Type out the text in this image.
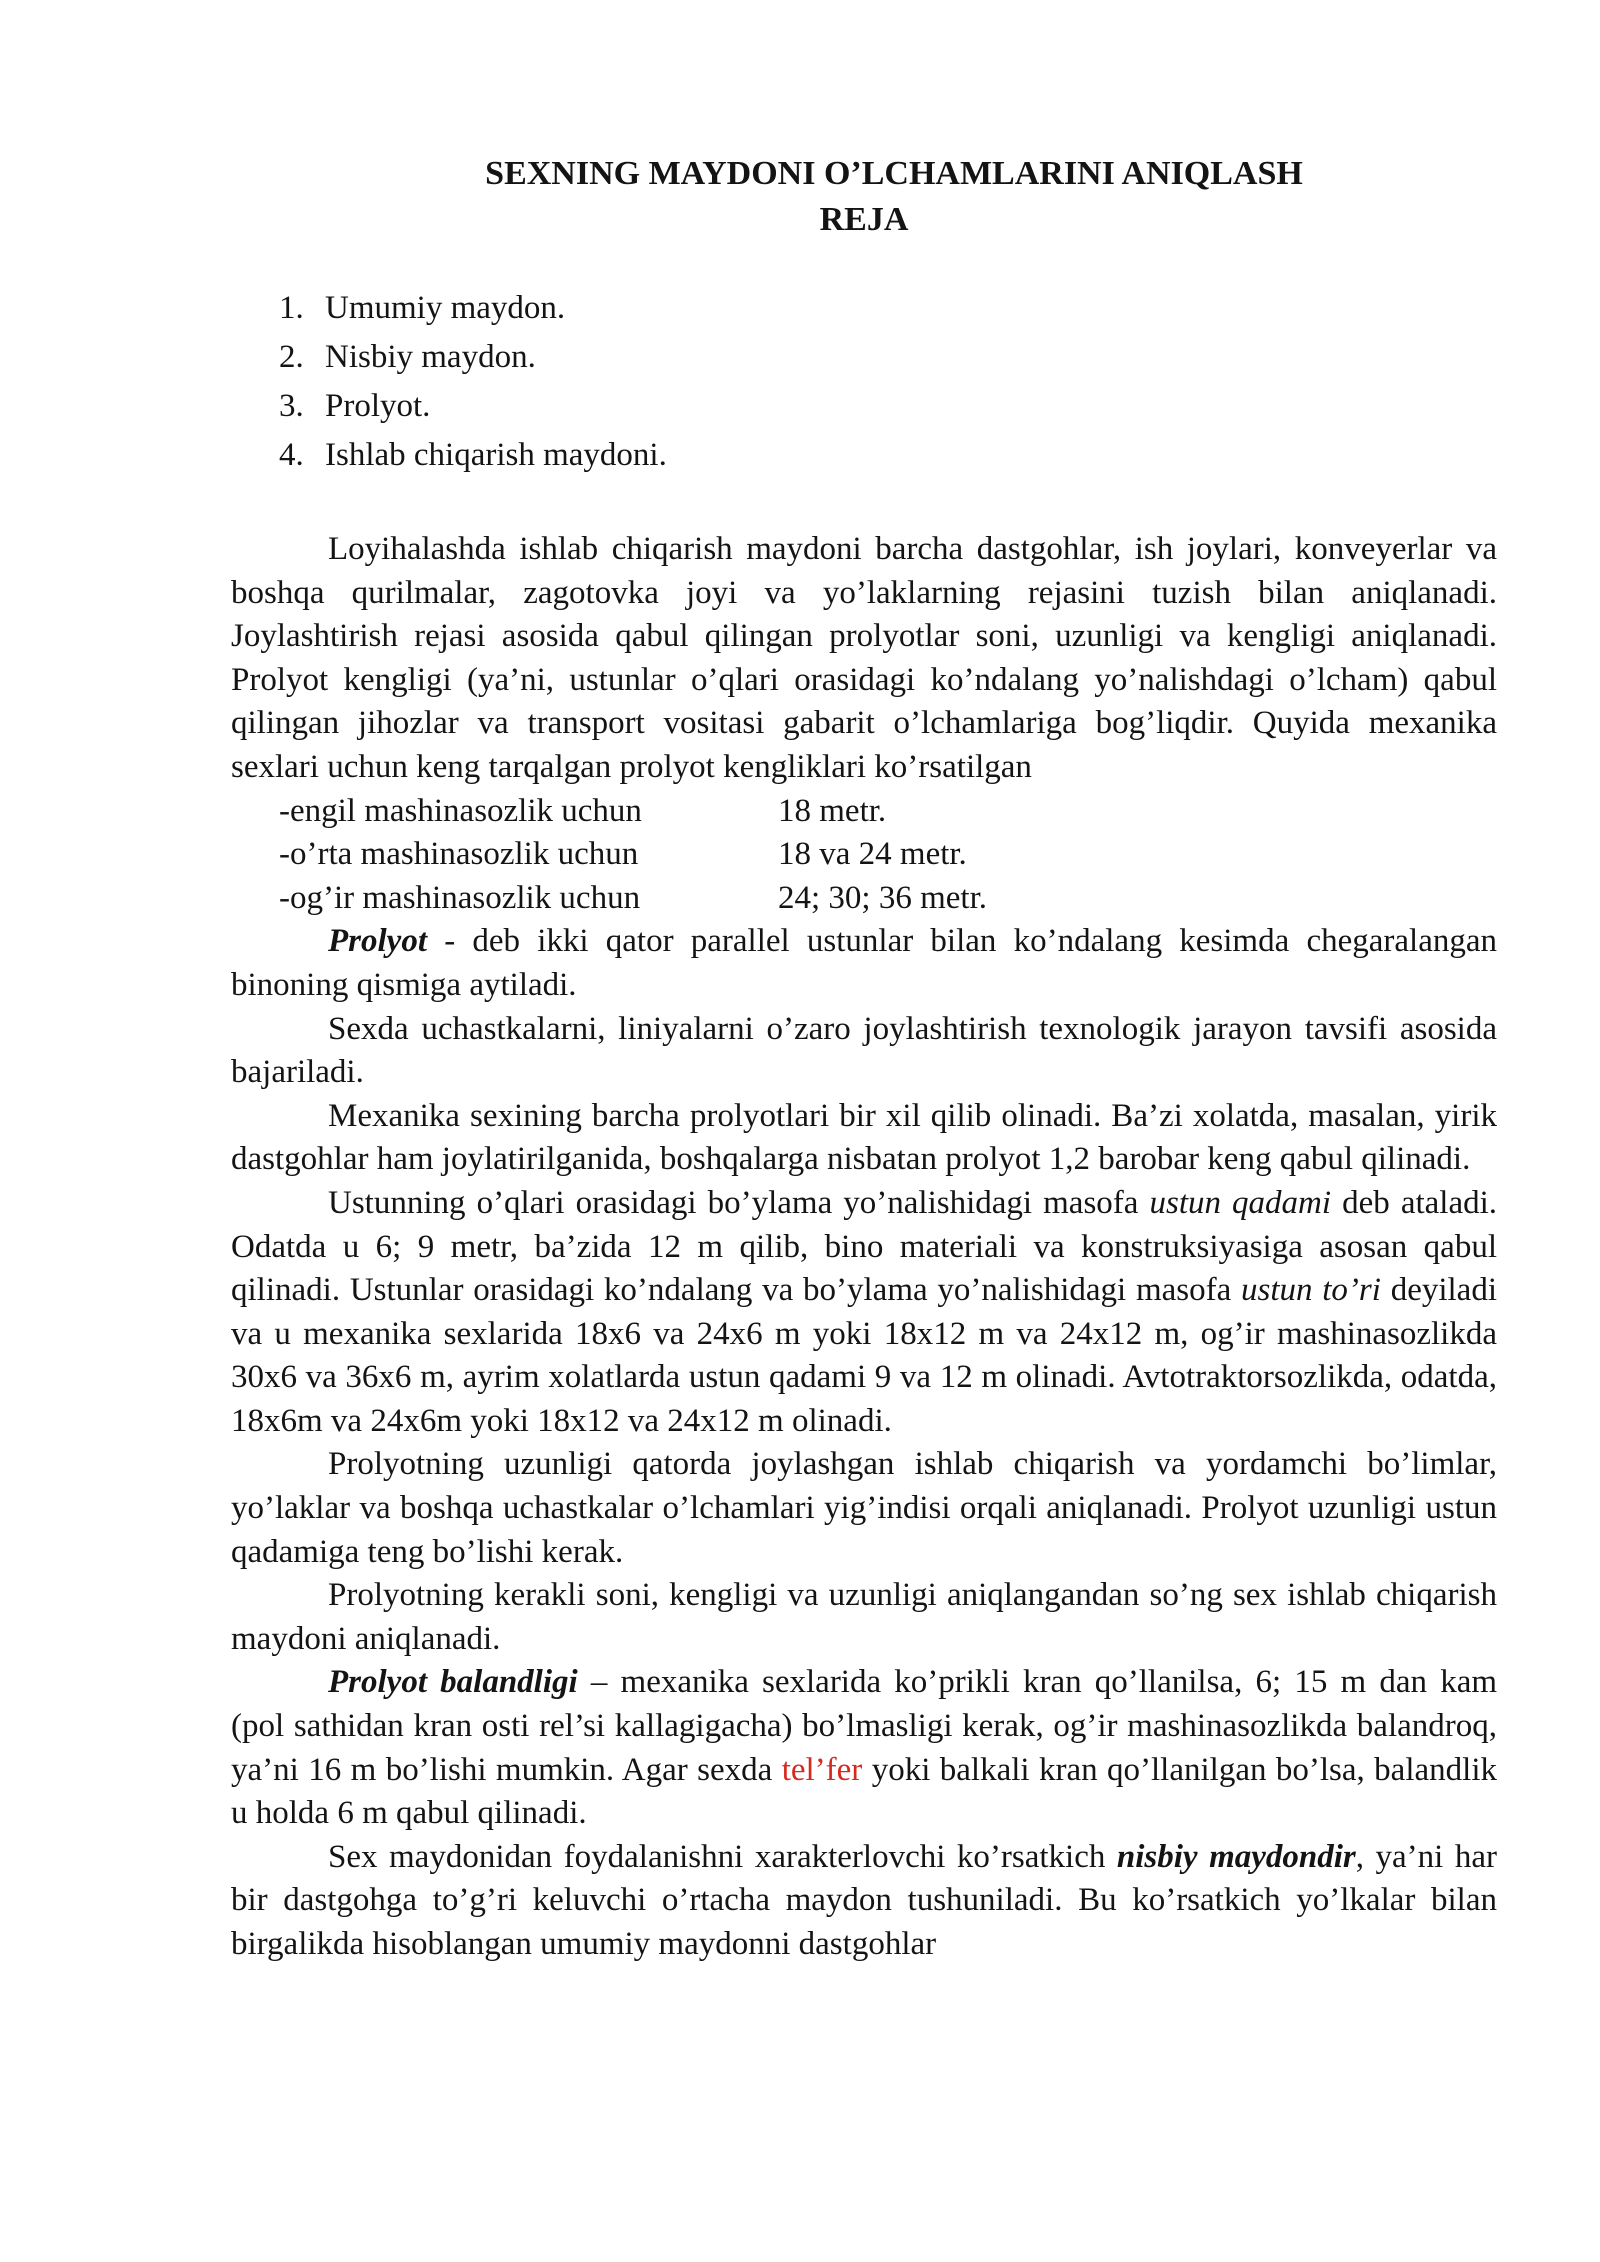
SEXNING MAYDONI O’LCHAMLARINI ANIQLASH
REJA
1. Umumiy maydon.
2. Nisbiy maydon.
3. Prolyot.
4. Ishlab chiqarish maydoni.

Loyihalashda ishlab chiqarish maydoni barcha dastgohlar, ish joylari, konveyerlar va boshqa qurilmalar, zagotovka joyi va yo’laklarning rejasini tuzish bilan aniqlanadi. Joylashtirish rejasi asosida qabul qilingan prolyotlar soni, uzunligi va kengligi aniqlanadi. Prolyot kengligi (ya’ni, ustunlar o’qlari orasidagi ko’ndalang yo’nalishdagi o’lcham) qabul qilingan jihozlar va transport vositasi gabarit o’lchamlariga bog’liqdir. Quyida mexanika sexlari uchun keng tarqalgan prolyot kengliklari ko’rsatilgan

-engil mashinasozlik uchun	18 metr.
-o’rta mashinasozlik uchun	18 va 24 metr.
-og’ir mashinasozlik uchun	24; 30; 36 metr.

Prolyot - deb ikki qator parallel ustunlar bilan ko’ndalang kesimda chegaralangan binoning qismiga aytiladi.

Sexda uchastkalarni, liniyalarni o’zaro joylashtirish texnologik jarayon tavsifi asosida bajariladi.

Mexanika sexining barcha prolyotlari bir xil qilib olinadi. Ba’zi xolatda, masalan, yirik dastgohlar ham joylatirilganida, boshqalarga nisbatan prolyot 1,2 barobar keng qabul qilinadi.

Ustunning o’qlari orasidagi bo’ylama yo’nalishidagi masofa ustun qadami deb ataladi. Odatda u 6; 9 metr, ba’zida 12 m qilib, bino materiali va konstruksiyasiga asosan qabul qilinadi. Ustunlar orasidagi ko’ndalang va bo’ylama yo’nalishidagi masofa ustun to’ri deyiladi va u mexanika sexlarida 18x6 va 24x6 m yoki 18x12 m va 24x12 m, og’ir mashinasozlikda 30x6 va 36x6 m, ayrim xolatlarda ustun qadami 9 va 12 m olinadi. Avtotraktorsozlikda, odatda, 18x6m va 24x6m yoki 18x12 va 24x12 m olinadi.

Prolyotning uzunligi qatorda joylashgan ishlab chiqarish va yordamchi bo’limlar, yo’laklar va boshqa uchastkalar o’lchamlari yig’indisi orqali aniqlanadi. Prolyot uzunligi ustun qadamiga teng bo’lishi kerak.

Prolyotning kerakli soni, kengligi va uzunligi aniqlangandan so’ng sex ishlab chiqarish maydoni aniqlanadi.

Prolyot balandligi – mexanika sexlarida ko’prikli kran qo’llanilsa, 6; 15 m dan kam (pol sathidan kran osti rel’si kallagigacha) bo’lmasligi kerak, og’ir mashinasozlikda balandroq, ya’ni 16 m bo’lishi mumkin. Agar sexda tel’fer yoki balkali kran qo’llanilgan bo’lsa, balandlik u holda 6 m qabul qilinadi.

Sex maydonidan foydalanishni xarakterlovchi ko’rsatkich nisbiy maydondir, ya’ni har bir dastgohga to’g’ri keluvchi o’rtacha maydon tushuniladi. Bu ko’rsatkich yo’lkalar bilan birgalikda hisoblangan umumiy maydonni dastgohlar
